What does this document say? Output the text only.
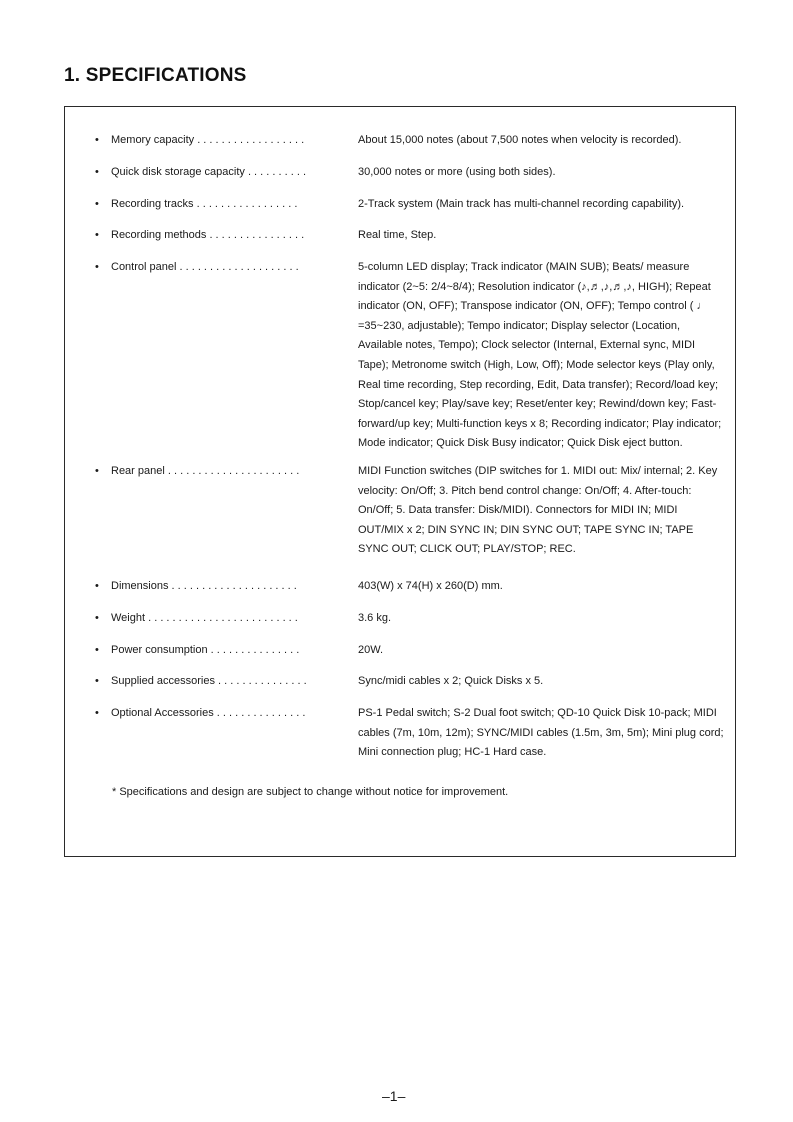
1. SPECIFICATIONS
• Memory capacity . . . . . . . . . . . . . . . . . .	About 15,000 notes (about 7,500 notes when velocity is recorded).
• Quick disk storage capacity . . . . . . . . . .	30,000 notes or more (using both sides).
• Recording tracks . . . . . . . . . . . . . . . . .	2-Track system (Main track has multi-channel recording capability).
• Recording methods . . . . . . . . . . . . . . . .	Real time, Step.
• Control panel . . . . . . . . . . . . . . . . . . . .	5-column LED display; Track indicator (MAIN SUB); Beats/ measure indicator (2~5: 2/4~8/4); Resolution indicator (♪,♬,♪,♬,♪, HIGH); Repeat indicator (ON, OFF); Transpose indicator (ON, OFF); Tempo control ( ♩ =35~230, adjustable); Tempo indicator; Display selector (Location, Available notes, Tempo); Clock selector (Internal, External sync, MIDI Tape); Metronome switch (High, Low, Off); Mode selector keys (Play only, Real time recording, Step recording, Edit, Data transfer); Record/load key; Stop/cancel key; Play/save key; Reset/enter key; Rewind/down key; Fast-forward/up key; Multi-function keys x 8; Recording indicator; Play indicator; Mode indicator; Quick Disk Busy indicator; Quick Disk eject button.
• Rear panel . . . . . . . . . . . . . . . . . . . . . .	MIDI Function switches (DIP switches for 1. MIDI out: Mix/ internal; 2. Key velocity: On/Off; 3. Pitch bend control change: On/Off; 4. After-touch: On/Off; 5. Data transfer: Disk/MIDI). Connectors for MIDI IN; MIDI OUT/MIX x 2; DIN SYNC IN; DIN SYNC OUT; TAPE SYNC IN; TAPE SYNC OUT; CLICK OUT; PLAY/STOP; REC.
• Dimensions . . . . . . . . . . . . . . . . . . . . .	403(W) x 74(H) x 260(D) mm.
• Weight . . . . . . . . . . . . . . . . . . . . . . . . .	3.6 kg.
• Power consumption . . . . . . . . . . . . . . .	20W.
• Supplied accessories . . . . . . . . . . . . . . .	Sync/midi cables x 2; Quick Disks x 5.
• Optional Accessories . . . . . . . . . . . . . . .	PS-1 Pedal switch; S-2 Dual foot switch; QD-10 Quick Disk 10-pack; MIDI cables (7m, 10m, 12m); SYNC/MIDI cables (1.5m, 3m, 5m); Mini plug cord; Mini connection plug; HC-1 Hard case.
* Specifications and design are subject to change without notice for improvement.
–1–
